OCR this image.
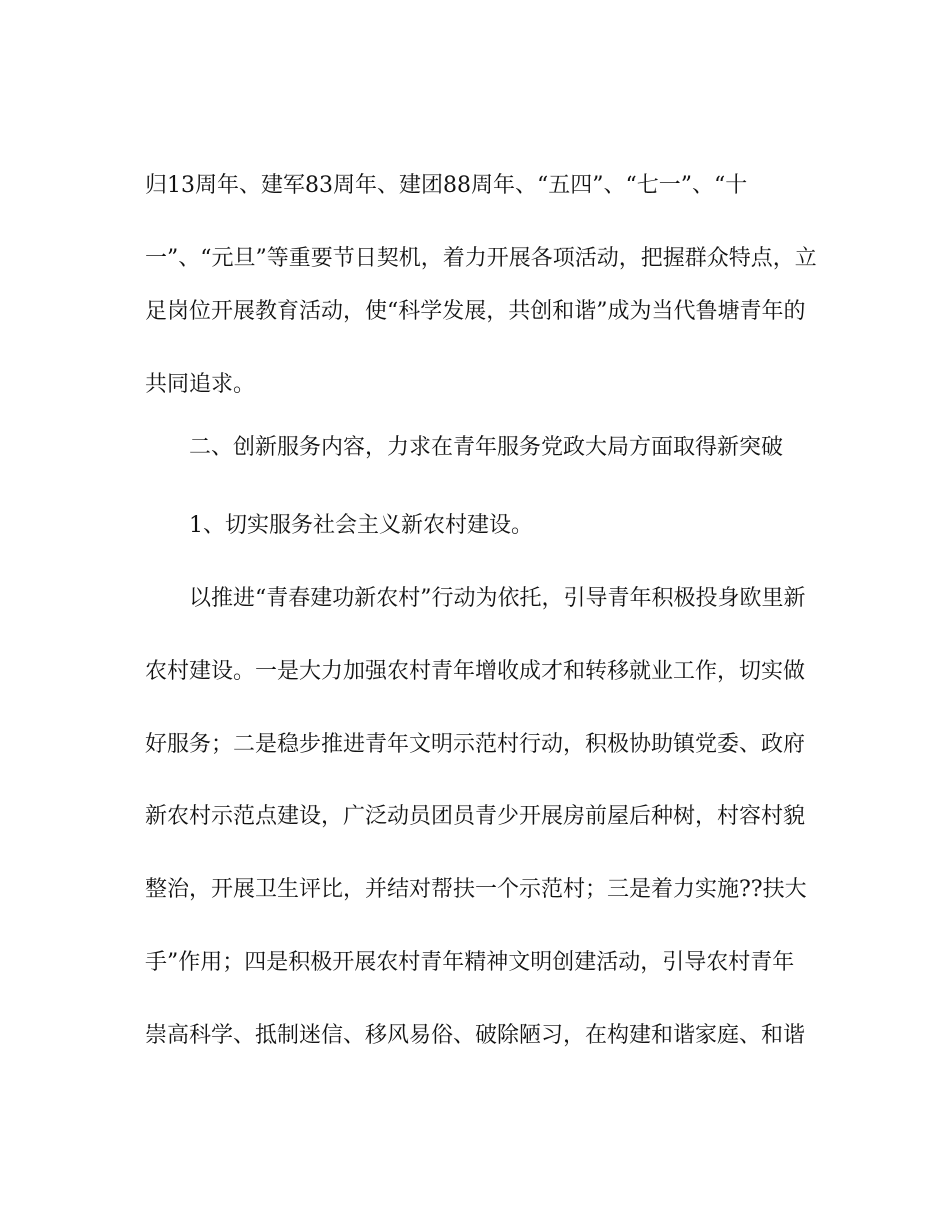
归13周年、建军83周年、建团88周年、“五四”、“七一”、“十
一”、“元旦”等重要节日契机，着力开展各项活动，把握群众特点，立
足岗位开展教育活动，使“科学发展，共创和谐”成为当代鲁塘青年的
共同追求。
二、创新服务内容，力求在青年服务党政大局方面取得新突破
1、切实服务社会主义新农村建设。
以推进“青春建功新农村”行动为依托，引导青年积极投身欧里新
农村建设。一是大力加强农村青年增收成才和转移就业工作，切实做
好服务；二是稳步推进青年文明示范村行动，积极协助镇党委、政府
新农村示范点建设，广泛动员团员青少开展房前屋后种树，村容村貌
整治，开展卫生评比，并结对帮扶一个示范村；三是着力实施??扶大
手”作用；四是积极开展农村青年精神文明创建活动，引导农村青年
崇高科学、抵制迷信、移风易俗、破除陋习，在构建和谐家庭、和谐
